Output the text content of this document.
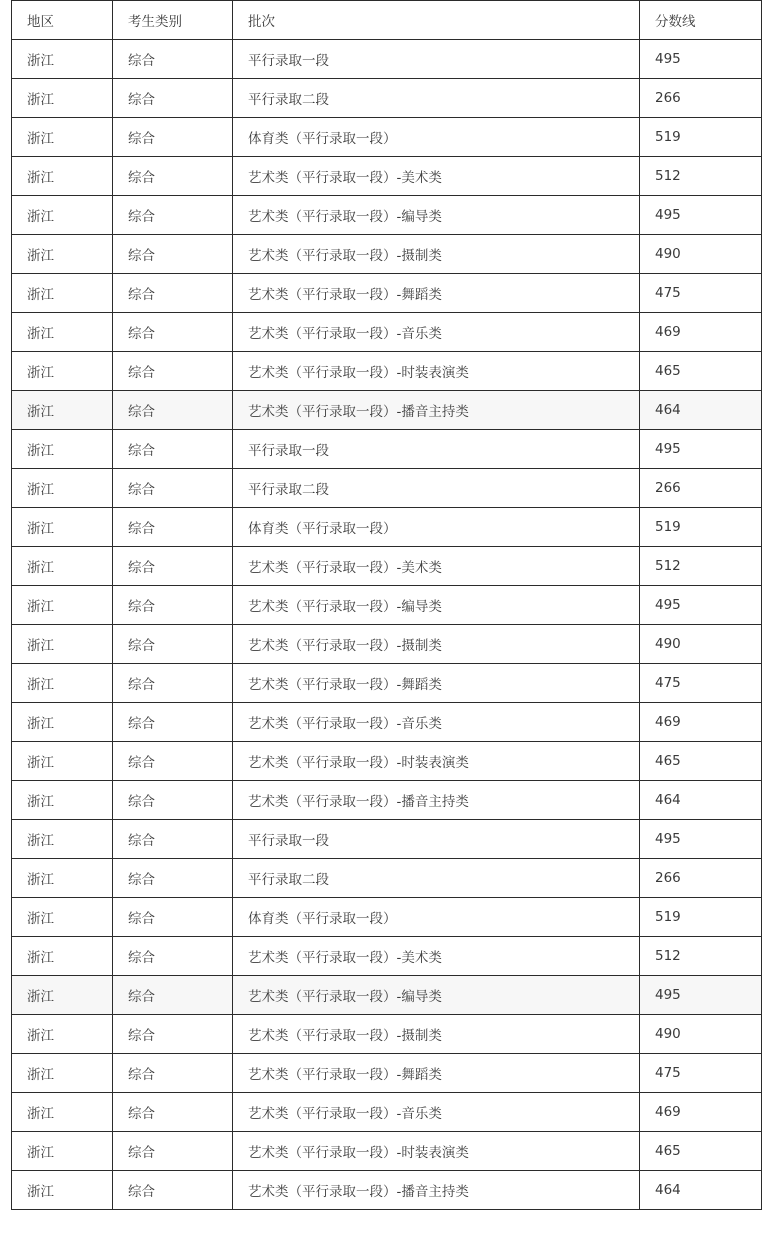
地区	考生类别	批次	分数线
浙江	综合	平行录取一段	495
浙江	综合	平行录取二段	266
浙江	综合	体育类（平行录取一段）	519
浙江	综合	艺术类（平行录取一段）-美术类	512
浙江	综合	艺术类（平行录取一段）-编导类	495
浙江	综合	艺术类（平行录取一段）-摄制类	490
浙江	综合	艺术类（平行录取一段）-舞蹈类	475
浙江	综合	艺术类（平行录取一段）-音乐类	469
浙江	综合	艺术类（平行录取一段）-时装表演类	465
浙江	综合	艺术类（平行录取一段）-播音主持类	464
浙江	综合	平行录取一段	495
浙江	综合	平行录取二段	266
浙江	综合	体育类（平行录取一段）	519
浙江	综合	艺术类（平行录取一段）-美术类	512
浙江	综合	艺术类（平行录取一段）-编导类	495
浙江	综合	艺术类（平行录取一段）-摄制类	490
浙江	综合	艺术类（平行录取一段）-舞蹈类	475
浙江	综合	艺术类（平行录取一段）-音乐类	469
浙江	综合	艺术类（平行录取一段）-时装表演类	465
浙江	综合	艺术类（平行录取一段）-播音主持类	464
浙江	综合	平行录取一段	495
浙江	综合	平行录取二段	266
浙江	综合	体育类（平行录取一段）	519
浙江	综合	艺术类（平行录取一段）-美术类	512
浙江	综合	艺术类（平行录取一段）-编导类	495
浙江	综合	艺术类（平行录取一段）-摄制类	490
浙江	综合	艺术类（平行录取一段）-舞蹈类	475
浙江	综合	艺术类（平行录取一段）-音乐类	469
浙江	综合	艺术类（平行录取一段）-时装表演类	465
浙江	综合	艺术类（平行录取一段）-播音主持类	464
